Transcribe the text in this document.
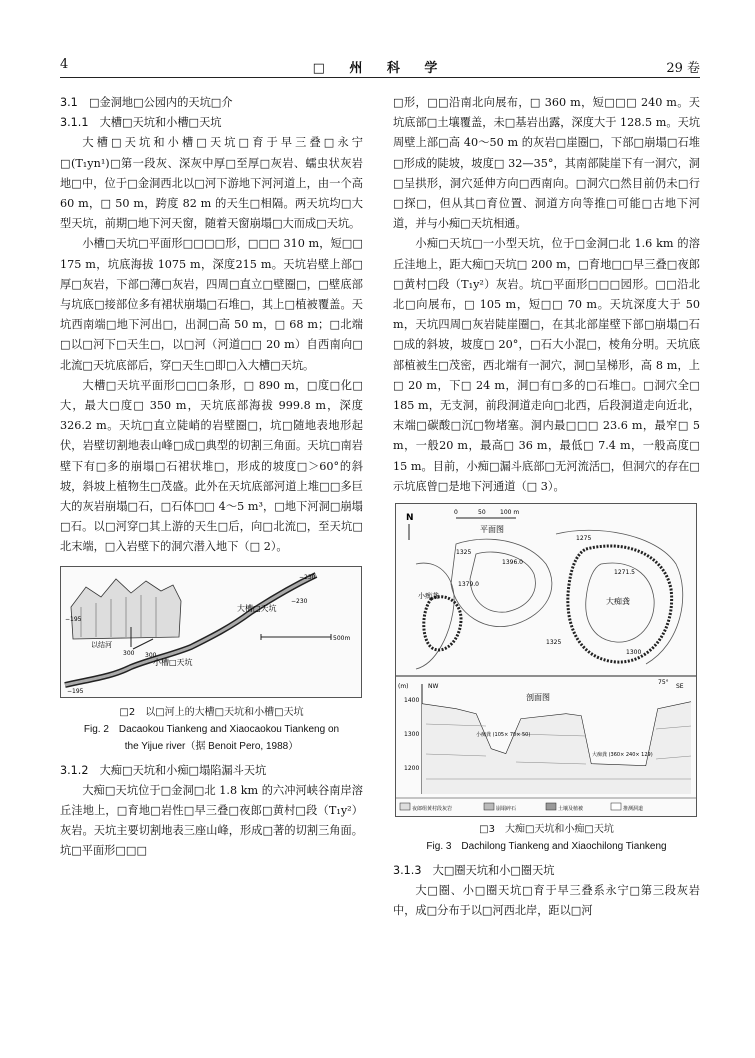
4	□ 州 科 学	29 卷

3.1　□金洞地□公园内的天坑□介

3.1.1　大槽□天坑和小槽□天坑

大槽□天坑和小槽□天坑□育于早三叠□永宁□(T₁yn¹)□第一段灰、深灰中厚□至厚□灰岩、蠕虫状灰岩地□中，位于□金洞西北以□河下游地下河河道上，由一个高 60 m，□ 50 m，跨度 82 m 的天生□相隔。两天坑均□大型天坑，前期□地下河天窗，随着天窗崩塌□大而成□天坑。

小槽□天坑□平面形□□□□形，□□□ 310 m，短□□ 175 m，坑底海拔 1075 m，深度215 m。天坑岩壁上部□厚□灰岩，下部□薄□灰岩，四周□直立□壁圈□，□壁底部与坑底□接部位多有裙状崩塌□石堆□，其上□植被覆盖。天坑西南端□地下河出□，出洞□高 50 m，□ 68 m；□北端□以□河下□天生□，以□河（河道□□ 20 m）自西南向□北流□天坑底部后，穿□天生□即□入大槽□天坑。

大槽□天坑平面形□□□条形，□ 890 m，□度□化□大，最大□度□ 350 m，天坑底部海拔 999.8 m，深度 326.2 m。天坑□直立陡峭的岩壁圈□，坑□随地表地形起伏，岩壁切割地表山峰□成□典型的切割三角面。天坑□南岩壁下有□多的崩塌□石裙状堆□，形成的坡度□＞60°的斜坡，斜坡上植物生□茂盛。此外在天坑底部河道上堆□□多巨大的灰岩崩塌□石，□石体□□ 4～5 m³，□地下河洞□崩塌□石。以□河穿□其上游的天生□后，向□北流□，至天坑□北末端，□入岩壁下的洞穴潜入地下（□ 2）。

500m
以结河
300 300
−230
−230
−195
−195
大槽□天坑
小槽□天坑
□2　以□河上的大槽□天坑和小槽□天坑
Fig. 2　Dacaokou Tiankeng and Xiaocaokou Tiankeng on
the Yijue river（据 Benoit Pero, 1988）

3.1.2　大痴□天坑和小痴□塌陷漏斗天坑

大痴□天坑位于□金洞□北 1.8 km 的六冲河峡谷南岸溶丘洼地上，□育地□岩性□早三叠□夜郎□黄村□段（T₁y²）灰岩。天坑主要切割地表三座山峰，形成□著的切割三角面。坑□平面形□□□

□形，□□沿南北向展布，□ 360 m，短□□□ 240 m。天坑底部□土壤覆盖，未□基岩出露，深度大于 128.5 m。天坑周壁上部□高 40～50 m 的灰岩□崖圈□，下部□崩塌□石堆□形成的陡坡，坡度□ 32—35°，其南部陡崖下有一洞穴，洞□呈拱形，洞穴延伸方向□西南向。□洞穴□然目前仍未□行□探□，但从其□育位置、洞道方向等推□可能□古地下河道，并与小痴□天坑相通。

小痴□天坑□一小型天坑，位于□金洞□北 1.6 km 的溶丘洼地上，距大痴□天坑□ 200 m，□育地□□早三叠□夜郎□黄村□段（T₁y²）灰岩。坑□平面形□□□园形。□□沿北北□向展布，□ 105 m，短□□ 70 m。天坑深度大于 50 m，天坑四周□灰岩陡崖圈□，在其北部崖壁下部□崩塌□石□成的斜坡，坡度□ 20°，□石大小混□，棱角分明。天坑底部植被生□茂密，西北端有一洞穴，洞□呈梯形，高 8 m，上□ 20 m，下□ 24 m，洞□有□多的□石堆□。□洞穴全□ 185 m，无支洞，前段洞道走向□北西，后段洞道走向近北，末端□碳酸□沉□物堵塞。洞内最□□□ 23.6 m，最窄□ 5 m，一般20 m，最高□ 36 m，最低□ 7.4 m，一般高度□ 15 m。目前，小痴□漏斗底部□无河流活□，但洞穴的存在□示坑底曾□是地下河通道（□ 3）。

N
0	50 100 m
平面图
大痴龚
1271.5
1275
1300
小痴龚
1396.0
1379.0
1325
1325
(m)
1400
1300
1200
NW	SE
75°
剖面图
小痴龚 (105× 70× 50)
大痴龚 (360× 240× 129)
夜郎组黄村段灰岩	崩塌碎石	土壤及植被	推测洞道
□3　大痴□天坑和小痴□天坑
Fig. 3　Dachilong Tiankeng and Xiaochilong Tiankeng

3.1.3　大□圈天坑和小□圈天坑

大□圈、小□圈天坑□育于早三叠系永宁□第三段灰岩中，成□分布于以□河西北岸，距以□河
